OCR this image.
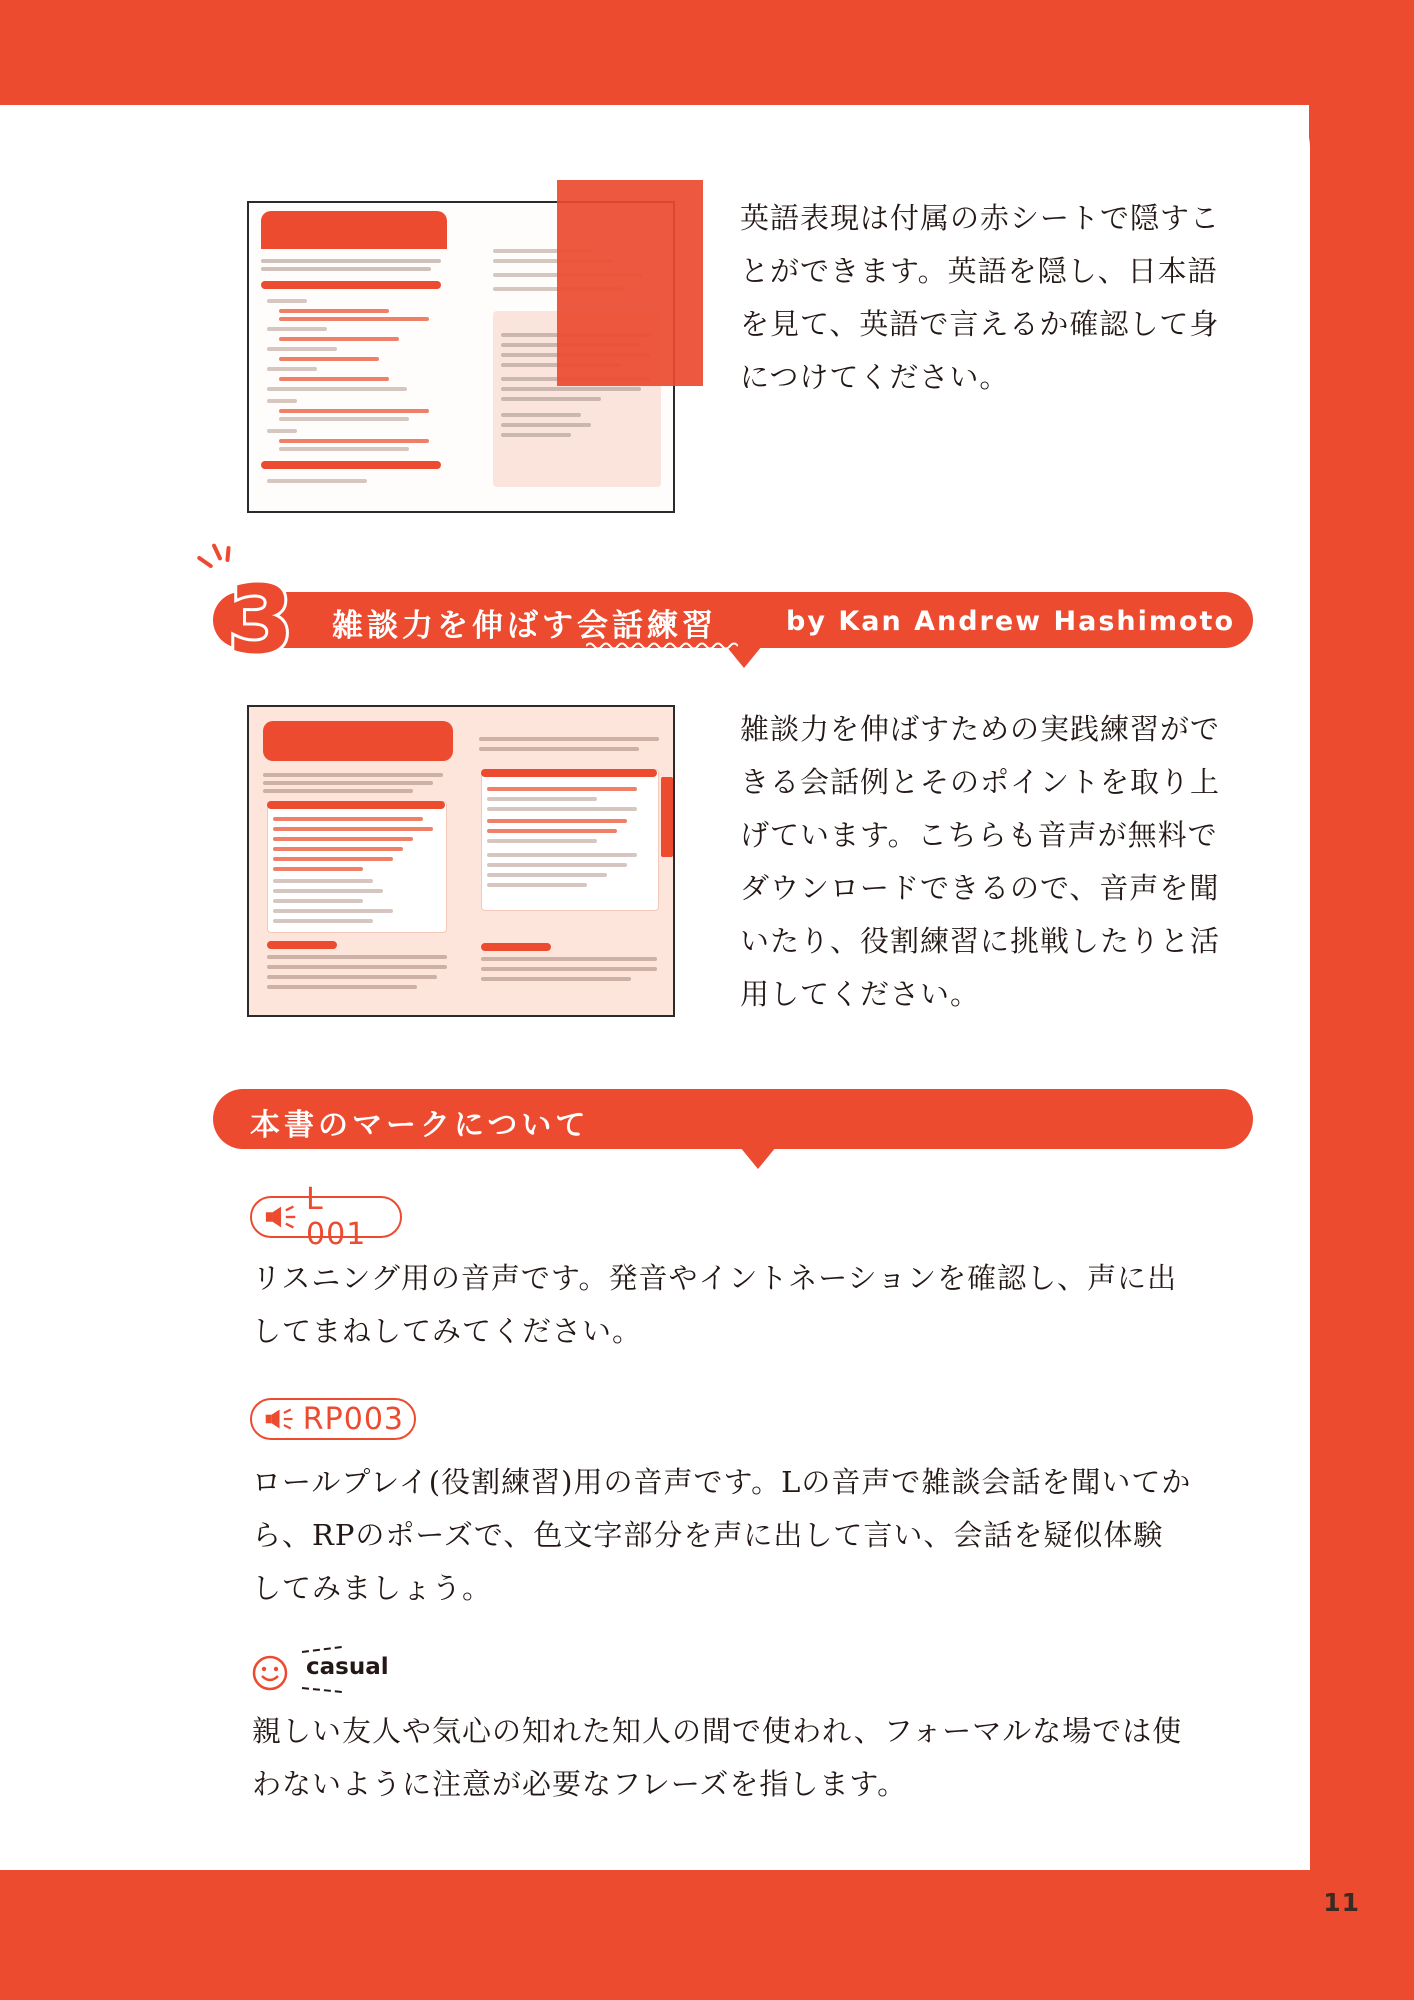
英語表現は付属の赤シートで隠すこ
とができます。英語を隠し、日本語
を見て、英語で言えるか確認して身
につけてください。

3	雑談力を伸ばす会話練習	by Kan Andrew Hashimoto

雑談力を伸ばすための実践練習がで
きる会話例とそのポイントを取り上
げています。こちらも音声が無料で
ダウンロードできるので、音声を聞
いたり、役割練習に挑戦したりと活
用してください。

本書のマークについて
L 001

リスニング用の音声です。発音やイントネーションを確認し、声に出
してまねしてみてください。

RP003

ロールプレイ(役割練習)用の音声です。Lの音声で雑談会話を聞いてか
ら、RPのポーズで、色文字部分を声に出して言い、会話を疑似体験
してみましょう。

casual

親しい友人や気心の知れた知人の間で使われ、フォーマルな場では使
わないように注意が必要なフレーズを指します。

11
